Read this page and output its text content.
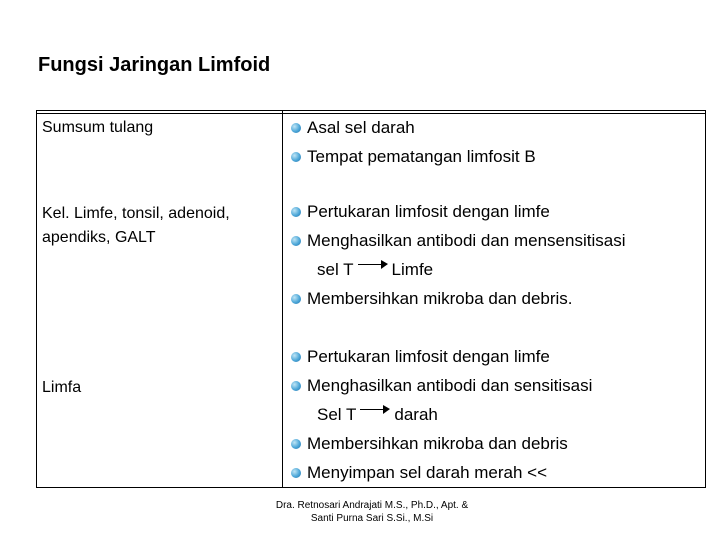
Fungsi Jaringan Limfoid
Sumsum tulang
Kel. Limfe, tonsil, adenoid,
apendiks, GALT
Limfa
Asal sel darah
Tempat pematangan limfosit B
Pertukaran limfosit dengan limfe
Menghasilkan antibodi dan mensensitisasi
sel T Limfe
Membersihkan mikroba dan debris.
Pertukaran limfosit dengan limfe
Menghasilkan antibodi dan sensitisasi
Sel T darah
Membersihkan mikroba dan debris
Menyimpan sel darah merah <<
Dra. Retnosari Andrajati M.S., Ph.D., Apt. &
Santi Purna Sari S.Si., M.Si
